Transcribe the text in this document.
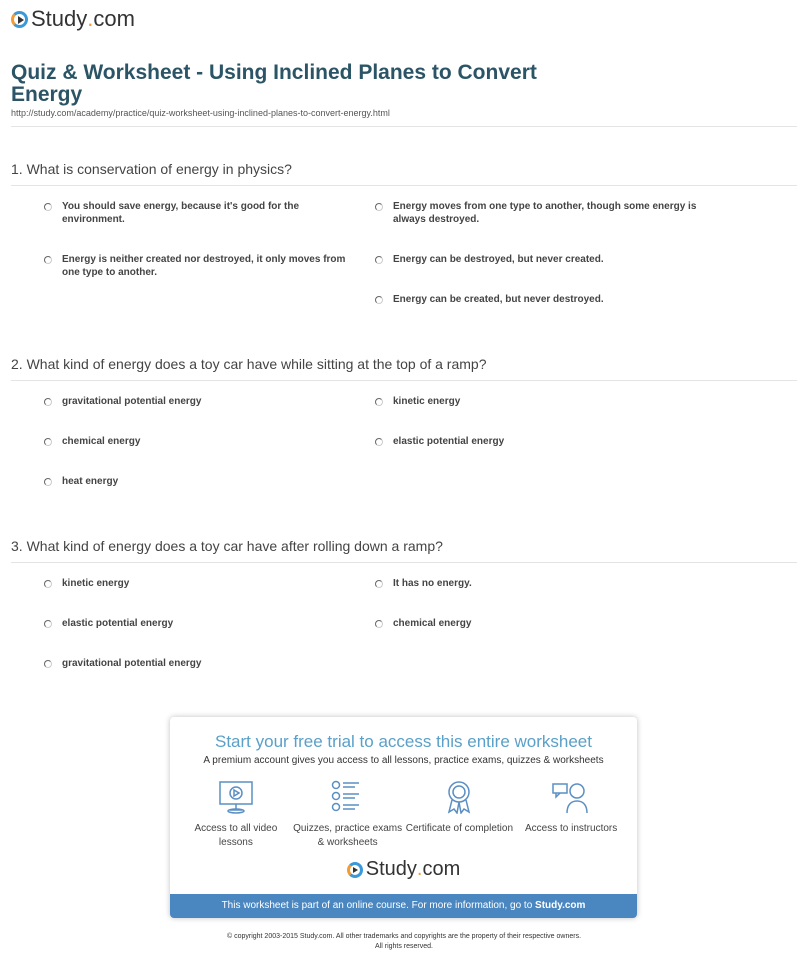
Study . com
Quiz & Worksheet - Using Inclined Planes to Convert Energy
http://study.com/academy/practice/quiz-worksheet-using-inclined-planes-to-convert-energy.html
1. What is conservation of energy in physics?
You should save energy, because it's good for the environment.
Energy is neither created nor destroyed, it only moves from one type to another.
Energy moves from one type to another, though some energy is always destroyed.
Energy can be destroyed, but never created.
Energy can be created, but never destroyed.
2. What kind of energy does a toy car have while sitting at the top of a ramp?
gravitational potential energy
chemical energy
heat energy
kinetic energy
elastic potential energy
3. What kind of energy does a toy car have after rolling down a ramp?
kinetic energy
elastic potential energy
gravitational potential energy
It has no energy.
chemical energy
Start your free trial to access this entire worksheet
A premium account gives you access to all lessons, practice exams, quizzes & worksheets
Access to all video lessons
Quizzes, practice exams & worksheets
Certificate of completion	Access to instructors
Study . com
This worksheet is part of an online course. For more information, go to Study.com
© copyright 2003-2015 Study.com. All other trademarks and copyrights are the property of their respective owners.
All rights reserved.
